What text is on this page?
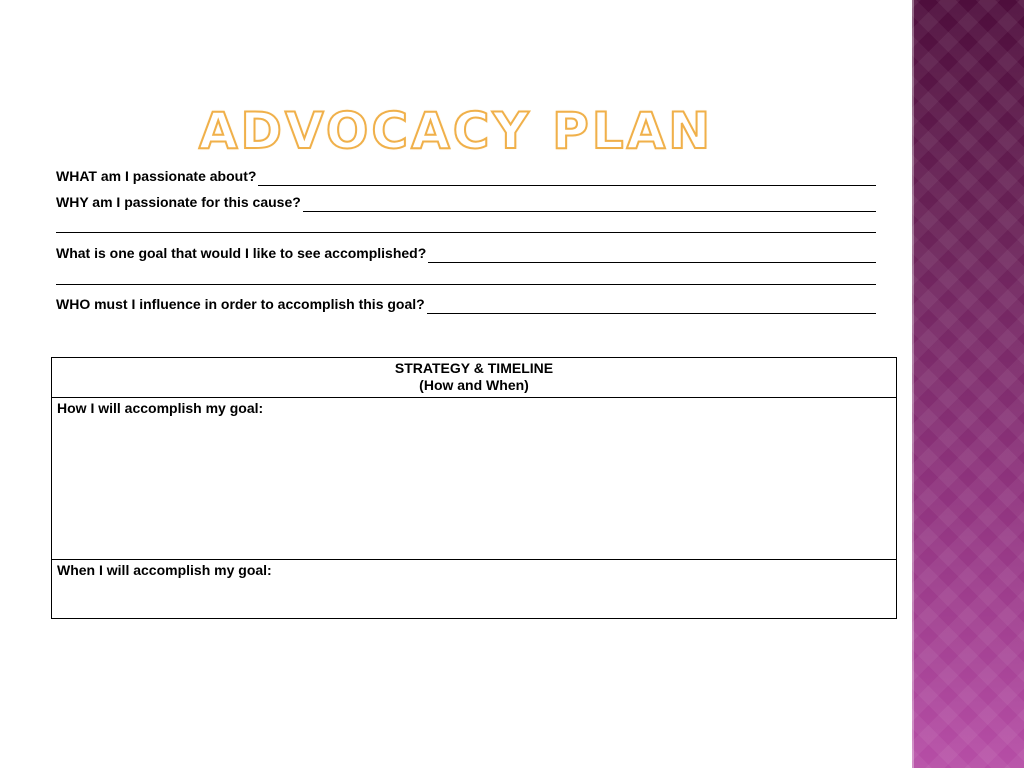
ADVOCACY PLAN
WHAT am I passionate about?
WHY am I passionate for this cause?
What is one goal that would I like to see accomplished?
WHO must I influence in order to accomplish this goal?
STRATEGY & TIMELINE
(How and When)
How I will accomplish my goal:
When I will accomplish my goal:
